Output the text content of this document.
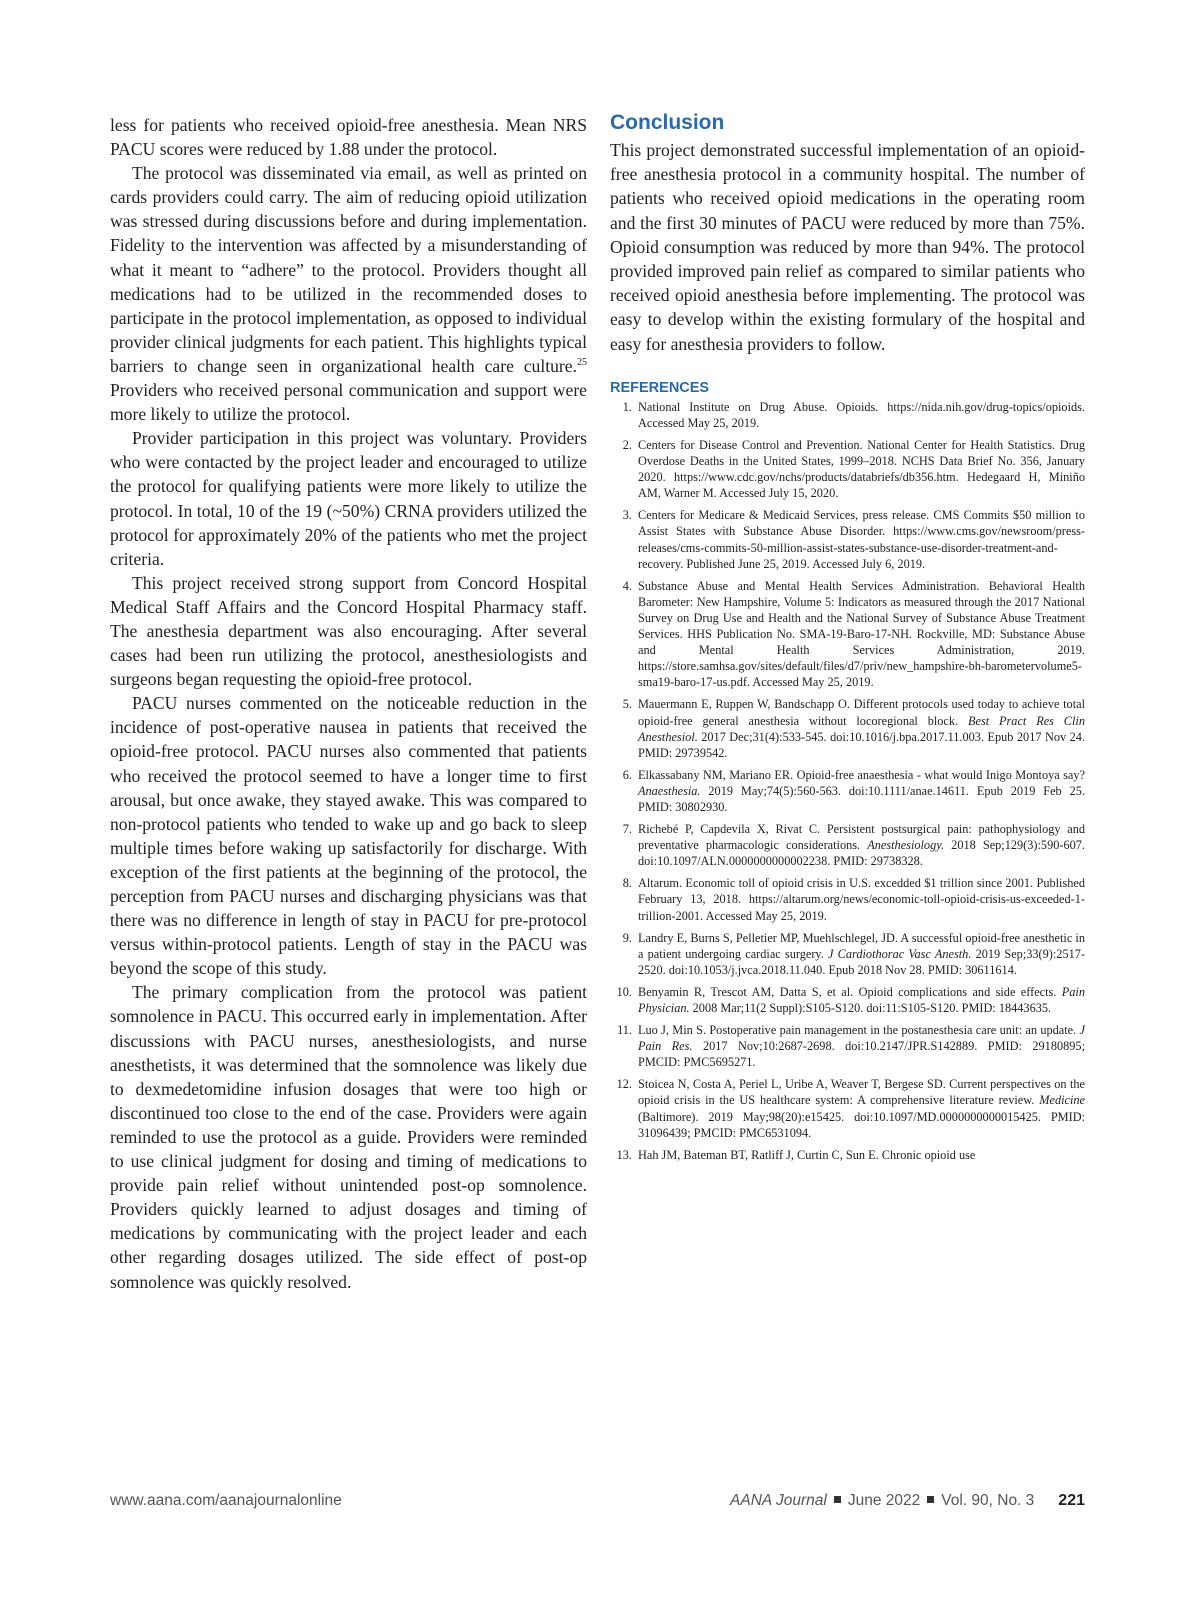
less for patients who received opioid-free anesthesia. Mean NRS PACU scores were reduced by 1.88 under the protocol.

The protocol was disseminated via email, as well as printed on cards providers could carry. The aim of reducing opioid utilization was stressed during discussions before and during implementation. Fidelity to the intervention was affected by a misunderstanding of what it meant to “adhere” to the protocol. Providers thought all medications had to be utilized in the recommended doses to participate in the protocol implementation, as opposed to individual provider clinical judgments for each patient. This highlights typical barriers to change seen in organizational health care culture.$^{25}$ Providers who received personal communication and support were more likely to utilize the protocol.

Provider participation in this project was voluntary. Providers who were contacted by the project leader and encouraged to utilize the protocol for qualifying patients were more likely to utilize the protocol. In total, 10 of the 19 (~50%) CRNA providers utilized the protocol for approximately 20% of the patients who met the project criteria.

This project received strong support from Concord Hospital Medical Staff Affairs and the Concord Hospital Pharmacy staff. The anesthesia department was also encouraging. After several cases had been run utilizing the protocol, anesthesiologists and surgeons began requesting the opioid-free protocol.

PACU nurses commented on the noticeable reduction in the incidence of post-operative nausea in patients that received the opioid-free protocol. PACU nurses also commented that patients who received the protocol seemed to have a longer time to first arousal, but once awake, they stayed awake. This was compared to non-protocol patients who tended to wake up and go back to sleep multiple times before waking up satisfactorily for discharge. With exception of the first patients at the beginning of the protocol, the perception from PACU nurses and discharging physicians was that there was no difference in length of stay in PACU for pre-protocol versus within-protocol patients. Length of stay in the PACU was beyond the scope of this study.

The primary complication from the protocol was patient somnolence in PACU. This occurred early in implementation. After discussions with PACU nurses, anesthesiologists, and nurse anesthetists, it was determined that the somnolence was likely due to dexmedetomidine infusion dosages that were too high or discontinued too close to the end of the case. Providers were again reminded to use the protocol as a guide. Providers were reminded to use clinical judgment for dosing and timing of medications to provide pain relief without unintended post-op somnolence. Providers quickly learned to adjust dosages and timing of medications by communicating with the project leader and each other regarding dosages utilized. The side effect of post-op somnolence was quickly resolved.

Conclusion

This project demonstrated successful implementation of an opioid-free anesthesia protocol in a community hospital. The number of patients who received opioid medications in the operating room and the first 30 minutes of PACU were reduced by more than 75%. Opioid consumption was reduced by more than 94%. The protocol provided improved pain relief as compared to similar patients who received opioid anesthesia before implementing. The protocol was easy to develop within the existing formulary of the hospital and easy for anesthesia providers to follow.

REFERENCES
1. National Institute on Drug Abuse. Opioids. https://nida.nih.gov/drug-topics/opioids. Accessed May 25, 2019.
2. Centers for Disease Control and Prevention. National Center for Health Statistics. Drug Overdose Deaths in the United States, 1999–2018. NCHS Data Brief No. 356, January 2020. https://www.cdc.gov/nchs/products/databriefs/db356.htm. Hedegaard H, Miniño AM, Warner M. Accessed July 15, 2020.
3. Centers for Medicare & Medicaid Services, press release. CMS Commits $50 million to Assist States with Substance Abuse Disorder. https://www.cms.gov/newsroom/press-releases/cms-commits-50-million-assist-states-substance-use-disorder-treatment-and-recovery. Published June 25, 2019. Accessed July 6, 2019.
4. Substance Abuse and Mental Health Services Administration. Behavioral Health Barometer: New Hampshire, Volume 5: Indicators as measured through the 2017 National Survey on Drug Use and Health and the National Survey of Substance Abuse Treatment Services. HHS Publication No. SMA-19-Baro-17-NH. Rockville, MD: Substance Abuse and Mental Health Services Administration, 2019. https://store.samhsa.gov/sites/default/files/d7/priv/new_hampshire-bh-barometervolume5-sma19-baro-17-us.pdf. Accessed May 25, 2019.
5. Mauermann E, Ruppen W, Bandschapp O. Different protocols used today to achieve total opioid-free general anesthesia without locoregional block. Best Pract Res Clin Anesthesiol. 2017 Dec;31(4):533-545. doi:10.1016/j.bpa.2017.11.003. Epub 2017 Nov 24. PMID: 29739542.
6. Elkassabany NM, Mariano ER. Opioid-free anaesthesia - what would Inigo Montoya say? Anaesthesia. 2019 May;74(5):560-563. doi:10.1111/anae.14611. Epub 2019 Feb 25. PMID: 30802930.
7. Richebé P, Capdevila X, Rivat C. Persistent postsurgical pain: pathophysiology and preventative pharmacologic considerations. Anesthesiology. 2018 Sep;129(3):590-607. doi:10.1097/ALN.0000000000002238. PMID: 29738328.
8. Altarum. Economic toll of opioid crisis in U.S. excedded $1 trillion since 2001. Published February 13, 2018. https://altarum.org/news/economic-toll-opioid-crisis-us-exceeded-1-trillion-2001. Accessed May 25, 2019.
9. Landry E, Burns S, Pelletier MP, Muehlschlegel, JD. A successful opioid-free anesthetic in a patient undergoing cardiac surgery. J Cardiothorac Vasc Anesth. 2019 Sep;33(9):2517-2520. doi:10.1053/j.jvca.2018.11.040. Epub 2018 Nov 28. PMID: 30611614.
10. Benyamin R, Trescot AM, Datta S, et al. Opioid complications and side effects. Pain Physician. 2008 Mar;11(2 Suppl):S105-S120. doi:11:S105-S120. PMID: 18443635.
11. Luo J, Min S. Postoperative pain management in the postanesthesia care unit: an update. J Pain Res. 2017 Nov;10:2687-2698. doi:10.2147/JPR.S142889. PMID: 29180895; PMCID: PMC5695271.
12. Stoicea N, Costa A, Periel L, Uribe A, Weaver T, Bergese SD. Current perspectives on the opioid crisis in the US healthcare system: A comprehensive literature review. Medicine (Baltimore). 2019 May;98(20):e15425. doi:10.1097/MD.0000000000015425. PMID: 31096439; PMCID: PMC6531094.
13. Hah JM, Bateman BT, Ratliff J, Curtin C, Sun E. Chronic opioid use
www.aana.com/aanajournalonline	AANA Journal June 2022 Vol. 90, No. 3 221
